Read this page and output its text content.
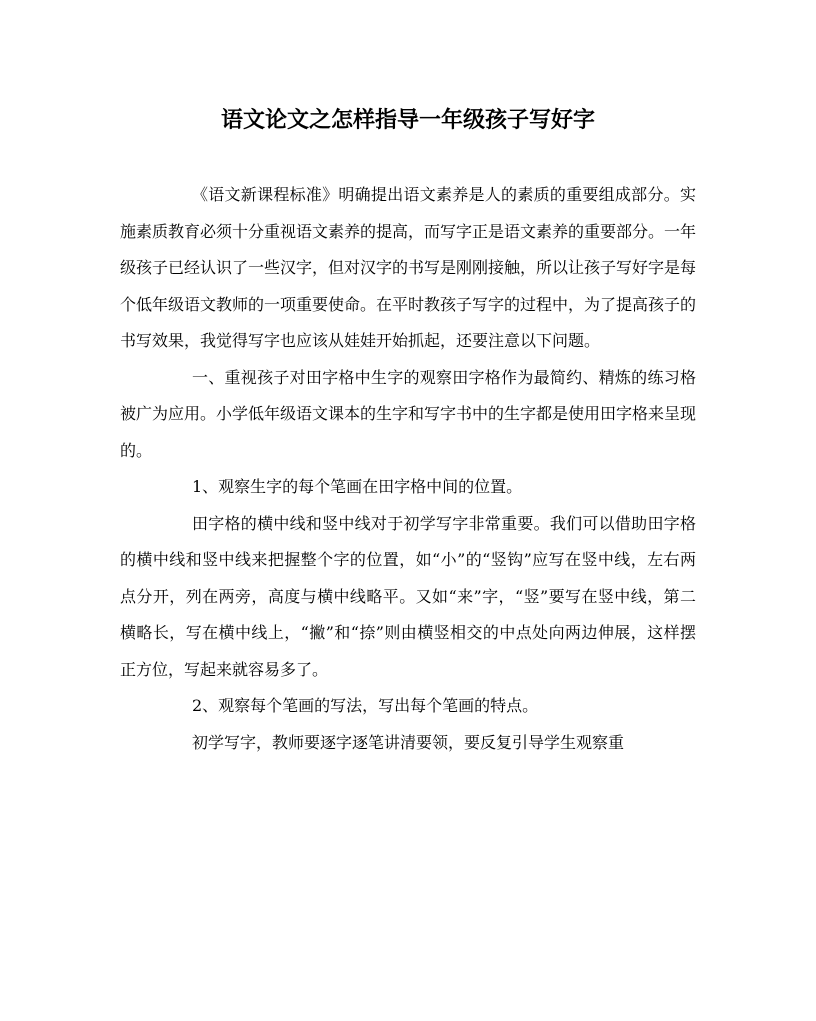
语文论文之怎样指导一年级孩子写好字

《语文新课程标准》明确提出语文素养是人的素质的重要组成部分。实施素质教育必须十分重视语文素养的提高，而写字正是语文素养的重要部分。一年级孩子已经认识了一些汉字，但对汉字的书写是刚刚接触，所以让孩子写好字是每个低年级语文教师的一项重要使命。在平时教孩子写字的过程中，为了提高孩子的书写效果，我觉得写字也应该从娃娃开始抓起，还要注意以下问题。

一、重视孩子对田字格中生字的观察田字格作为最简约、精炼的练习格被广为应用。小学低年级语文课本的生字和写字书中的生字都是使用田字格来呈现的。

1、观察生字的每个笔画在田字格中间的位置。

田字格的横中线和竖中线对于初学写字非常重要。我们可以借助田字格的横中线和竖中线来把握整个字的位置，如“小”的“竖钩”应写在竖中线，左右两点分开，列在两旁，高度与横中线略平。又如“来”字，“竖”要写在竖中线，第二横略长，写在横中线上，“撇”和“捺”则由横竖相交的中点处向两边伸展，这样摆正方位，写起来就容易多了。

2、观察每个笔画的写法，写出每个笔画的特点。

初学写字，教师要逐字逐笔讲清要领，要反复引导学生观察重
